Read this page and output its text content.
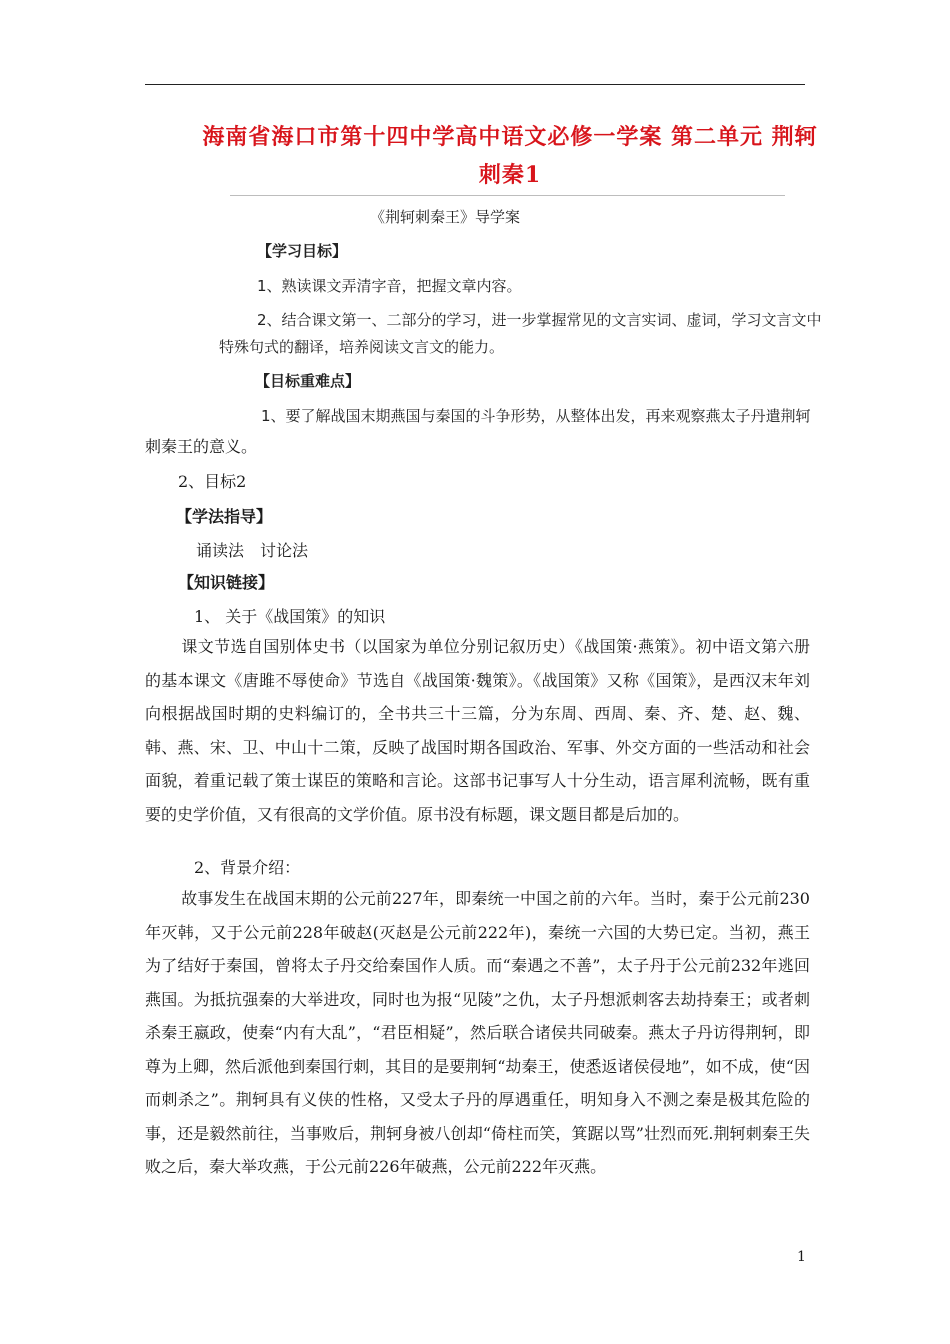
海南省海口市第十四中学高中语文必修一学案 第二单元 荆轲刺秦1
《荆轲刺秦王》导学案
【学习目标】
1、熟读课文弄清字音，把握文章内容。
2、结合课文第一、二部分的学习，进一步掌握常见的文言实词、虚词，学习文言文中
特殊句式的翻译，培养阅读文言文的能力。
【目标重难点】
1、要了解战国末期燕国与秦国的斗争形势，从整体出发，再来观察燕太子丹遣荆轲
刺秦王的意义。
2、目标2
【学法指导】
诵读法　讨论法
【知识链接】
1、 关于《战国策》的知识
课文节选自国别体史书（以国家为单位分别记叙历史）《战国策·燕策》。初中语文第六册的基本课文《唐雎不辱使命》节选自《战国策·魏策》。《战国策》又称《国策》，是西汉末年刘向根据战国时期的史料编订的，全书共三十三篇，分为东周、西周、秦、齐、楚、赵、魏、韩、燕、宋、卫、中山十二策，反映了战国时期各国政治、军事、外交方面的一些活动和社会面貌，着重记载了策士谋臣的策略和言论。这部书记事写人十分生动，语言犀利流畅，既有重要的史学价值，又有很高的文学价值。原书没有标题，课文题目都是后加的。
2、背景介绍：
故事发生在战国末期的公元前227年，即秦统一中国之前的六年。当时，秦于公元前230年灭韩，又于公元前228年破赵(灭赵是公元前222年)，秦统一六国的大势已定。当初，燕王为了结好于秦国，曾将太子丹交给秦国作人质。而“秦遇之不善”，太子丹于公元前232年逃回燕国。为抵抗强秦的大举进攻，同时也为报“见陵”之仇，太子丹想派刺客去劫持秦王；或者刺杀秦王嬴政，使秦“内有大乱”，“君臣相疑”，然后联合诸侯共同破秦。燕太子丹访得荆轲，即尊为上卿，然后派他到秦国行刺，其目的是要荆轲“劫秦王，使悉返诸侯侵地”，如不成，使“因而刺杀之”。荆轲具有义侠的性格，又受太子丹的厚遇重任，明知身入不测之秦是极其危险的事，还是毅然前往，当事败后，荆轲身被八创却“倚柱而笑，箕踞以骂”壮烈而死.荆轲刺秦王失败之后，秦大举攻燕，于公元前226年破燕，公元前222年灭燕。
1
